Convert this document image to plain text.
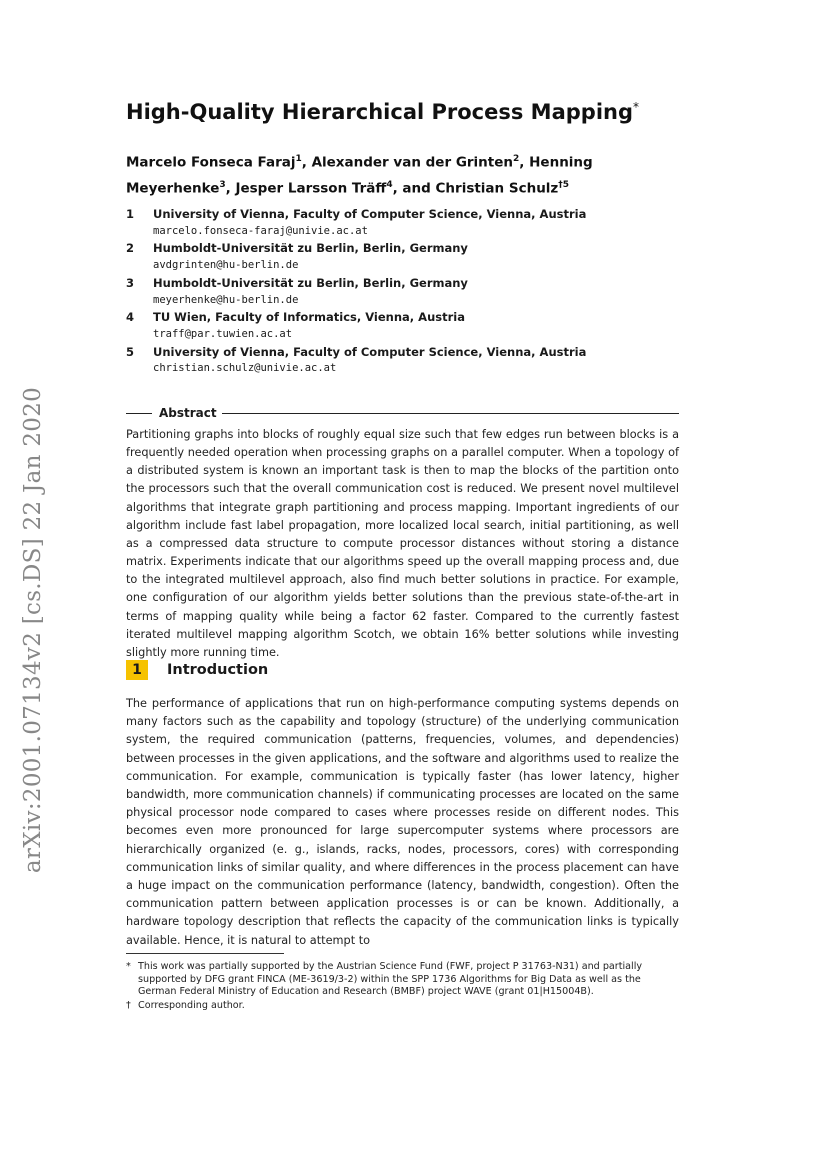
arXiv:2001.07134v2 [cs.DS] 22 Jan 2020
High-Quality Hierarchical Process Mapping*
Marcelo Fonseca Faraj$^1$, Alexander van der Grinten$^2$, Henning Meyerhenke$^3$, Jesper Larsson Träff$^4$, and Christian Schulz$^{\dagger 5}$
1	University of Vienna, Faculty of Computer Science, Vienna, Austria
marcelo.fonseca-faraj@univie.ac.at
2	Humboldt-Universität zu Berlin, Berlin, Germany
avdgrinten@hu-berlin.de
3	Humboldt-Universität zu Berlin, Berlin, Germany
meyerhenke@hu-berlin.de
4	TU Wien, Faculty of Informatics, Vienna, Austria
traff@par.tuwien.ac.at
5	University of Vienna, Faculty of Computer Science, Vienna, Austria
christian.schulz@univie.ac.at
Abstract

Partitioning graphs into blocks of roughly equal size such that few edges run between blocks is a frequently needed operation when processing graphs on a parallel computer. When a topology of a distributed system is known an important task is then to map the blocks of the partition onto the processors such that the overall communication cost is reduced. We present novel multilevel algorithms that integrate graph partitioning and process mapping. Important ingredients of our algorithm include fast label propagation, more localized local search, initial partitioning, as well as a compressed data structure to compute processor distances without storing a distance matrix. Experiments indicate that our algorithms speed up the overall mapping process and, due to the integrated multilevel approach, also find much better solutions in practice. For example, one configuration of our algorithm yields better solutions than the previous state-of-the-art in terms of mapping quality while being a factor 62 faster. Compared to the currently fastest iterated multilevel mapping algorithm Scotch, we obtain 16% better solutions while investing slightly more running time.

1	Introduction

The performance of applications that run on high-performance computing systems depends on many factors such as the capability and topology (structure) of the underlying communication system, the required communication (patterns, frequencies, volumes, and dependencies) between processes in the given applications, and the software and algorithms used to realize the communication. For example, communication is typically faster (has lower latency, higher bandwidth, more communication channels) if communicating processes are located on the same physical processor node compared to cases where processes reside on different nodes. This becomes even more pronounced for large supercomputer systems where processors are hierarchically organized (e. g., islands, racks, nodes, processors, cores) with corresponding communication links of similar quality, and where differences in the process placement can have a huge impact on the communication performance (latency, bandwidth, congestion). Often the communication pattern between application processes is or can be known. Additionally, a hardware topology description that reflects the capacity of the communication links is typically available. Hence, it is natural to attempt to

* This work was partially supported by the Austrian Science Fund (FWF, project P 31763-N31) and partially supported by DFG grant FINCA (ME-3619/3-2) within the SPP 1736 Algorithms for Big Data as well as the German Federal Ministry of Education and Research (BMBF) project WAVE (grant 01|H15004B).
† Corresponding author.
